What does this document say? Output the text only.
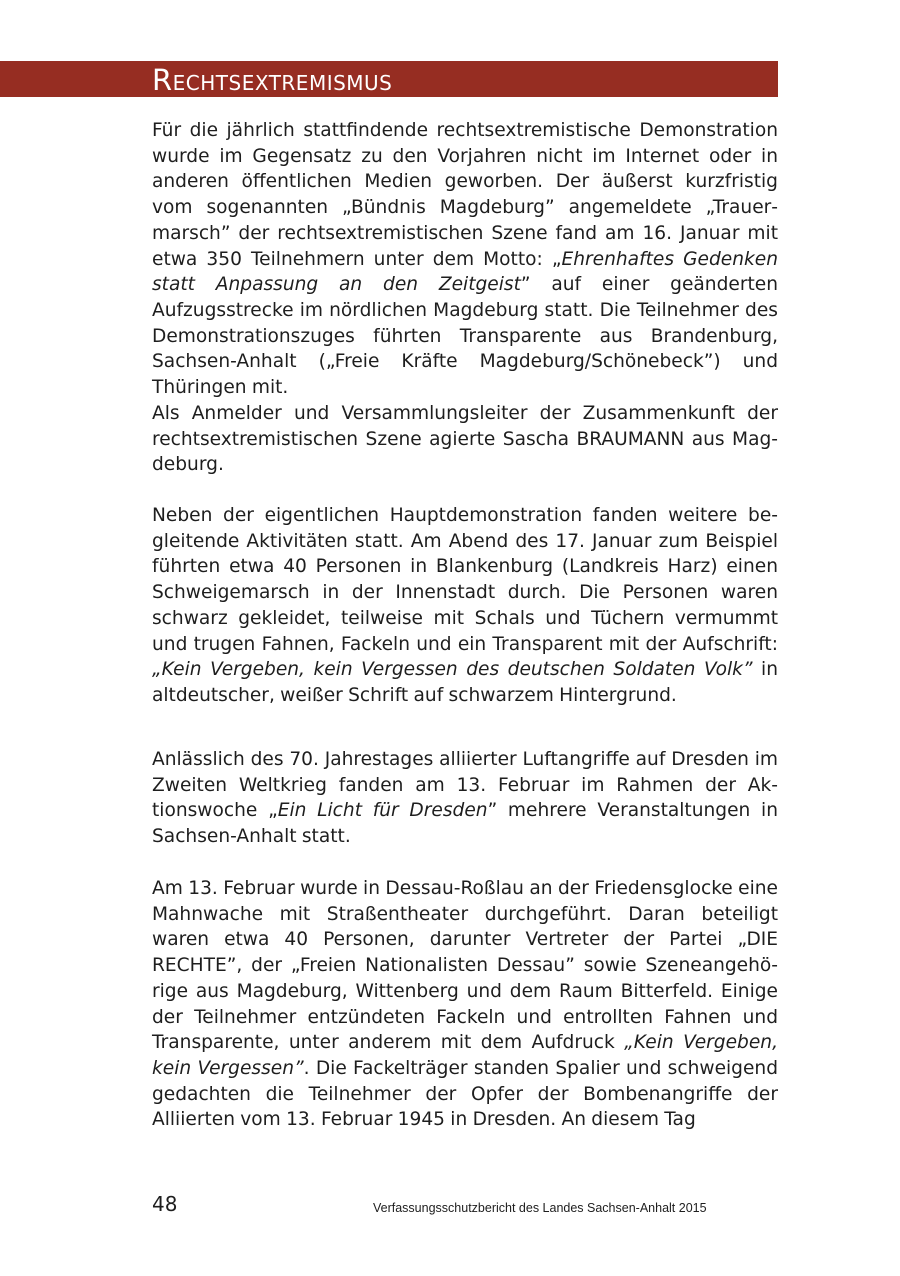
Rechtsextremismus

Für die jährlich stattfindende rechtsextremistische Demonstration wurde im Gegensatz zu den Vorjahren nicht im Internet oder in anderen öffentlichen Medien geworben. Der äußerst kurzfristig vom sogenannten „Bündnis Magdeburg” angemeldete „Trauermarsch” der rechtsextremistischen Szene fand am 16. Januar mit etwa 350 Teilnehmern unter dem Motto: „Ehrenhaftes Gedenken statt Anpassung an den Zeitgeist” auf einer geänderten Aufzugsstrecke im nördlichen Magdeburg statt. Die Teilnehmer des Demonstrationszuges führten Transparente aus Brandenburg, Sachsen-Anhalt („Freie Kräfte Magdeburg/Schönebeck”) und Thüringen mit.

Als Anmelder und Versammlungsleiter der Zusammenkunft der rechtsextremistischen Szene agierte Sascha BRAUMANN aus Magdeburg.

Neben der eigentlichen Hauptdemonstration fanden weitere begleitende Aktivitäten statt. Am Abend des 17. Januar zum Beispiel führten etwa 40 Personen in Blankenburg (Landkreis Harz) einen Schweigemarsch in der Innenstadt durch. Die Personen waren schwarz gekleidet, teilweise mit Schals und Tüchern vermummt und trugen Fahnen, Fackeln und ein Transparent mit der Aufschrift: „Kein Vergeben, kein Vergessen des deutschen Soldaten Volk” in altdeutscher, weißer Schrift auf schwarzem Hintergrund.

Anlässlich des 70. Jahrestages alliierter Luftangriffe auf Dresden im Zweiten Weltkrieg fanden am 13. Februar im Rahmen der Aktionswoche „Ein Licht für Dresden” mehrere Veranstaltungen in Sachsen-Anhalt statt.

Am 13. Februar wurde in Dessau-Roßlau an der Friedensglocke eine Mahnwache mit Straßentheater durchgeführt. Daran beteiligt waren etwa 40 Personen, darunter Vertreter der Partei „DIE RECHTE”, der „Freien Nationalisten Dessau” sowie Szeneangehörige aus Magdeburg, Wittenberg und dem Raum Bitterfeld. Einige der Teilnehmer entzündeten Fackeln und entrollten Fahnen und Transparente, unter anderem mit dem Aufdruck „Kein Vergeben, kein Vergessen”. Die Fackelträger standen Spalier und schweigend gedachten die Teilnehmer der Opfer der Bombenangriffe der Alliierten vom 13. Februar 1945 in Dresden. An diesem Tag

48	Verfassungsschutzbericht des Landes Sachsen-Anhalt 2015
